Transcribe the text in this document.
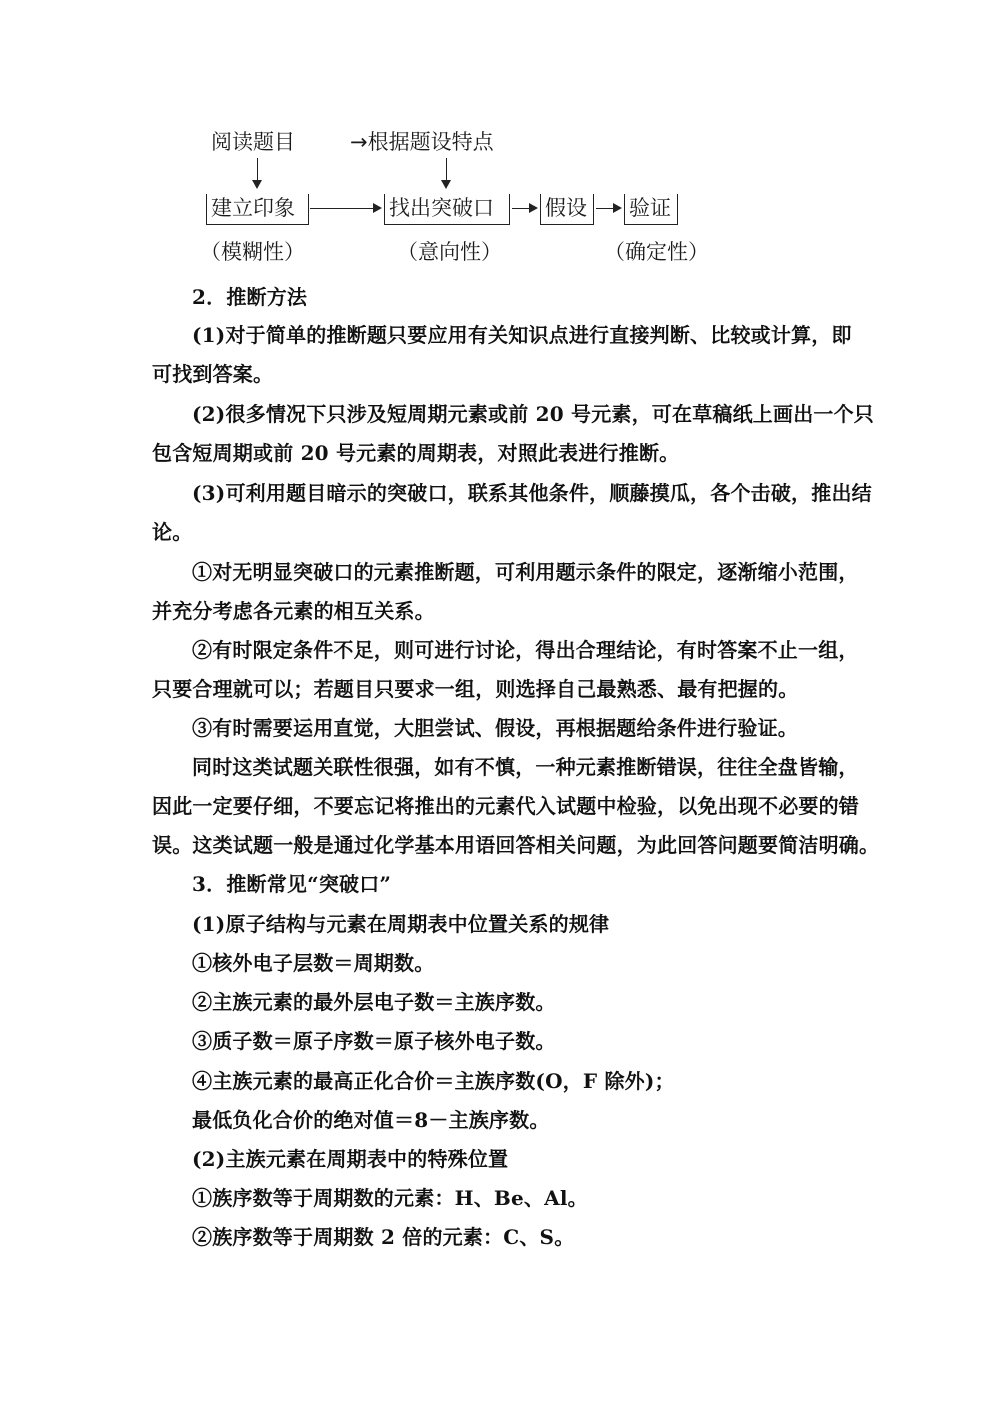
阅读题目	→根据题设特点
建立印象	找出突破口 假设 验证
（模糊性）	（意向性）	（确定性）
2．推断方法
(1)对于简单的推断题只要应用有关知识点进行直接判断、比较或计算，即
可找到答案。
(2)很多情况下只涉及短周期元素或前 20 号元素，可在草稿纸上画出一个只
包含短周期或前 20 号元素的周期表，对照此表进行推断。
(3)可利用题目暗示的突破口，联系其他条件，顺藤摸瓜，各个击破，推出结
论。
①对无明显突破口的元素推断题，可利用题示条件的限定，逐渐缩小范围，
并充分考虑各元素的相互关系。
②有时限定条件不足，则可进行讨论，得出合理结论，有时答案不止一组，
只要合理就可以；若题目只要求一组，则选择自己最熟悉、最有把握的。
③有时需要运用直觉，大胆尝试、假设，再根据题给条件进行验证。
同时这类试题关联性很强，如有不慎，一种元素推断错误，往往全盘皆输，
因此一定要仔细，不要忘记将推出的元素代入试题中检验，以免出现不必要的错
误。这类试题一般是通过化学基本用语回答相关问题，为此回答问题要简洁明确。
3．推断常见“突破口”
(1)原子结构与元素在周期表中位置关系的规律
①核外电子层数＝周期数。
②主族元素的最外层电子数＝主族序数。
③质子数＝原子序数＝原子核外电子数。
④主族元素的最高正化合价＝主族序数(O，F 除外)；
最低负化合价的绝对值＝8－主族序数。
(2)主族元素在周期表中的特殊位置
①族序数等于周期数的元素：H、Be、Al。
②族序数等于周期数 2 倍的元素：C、S。
